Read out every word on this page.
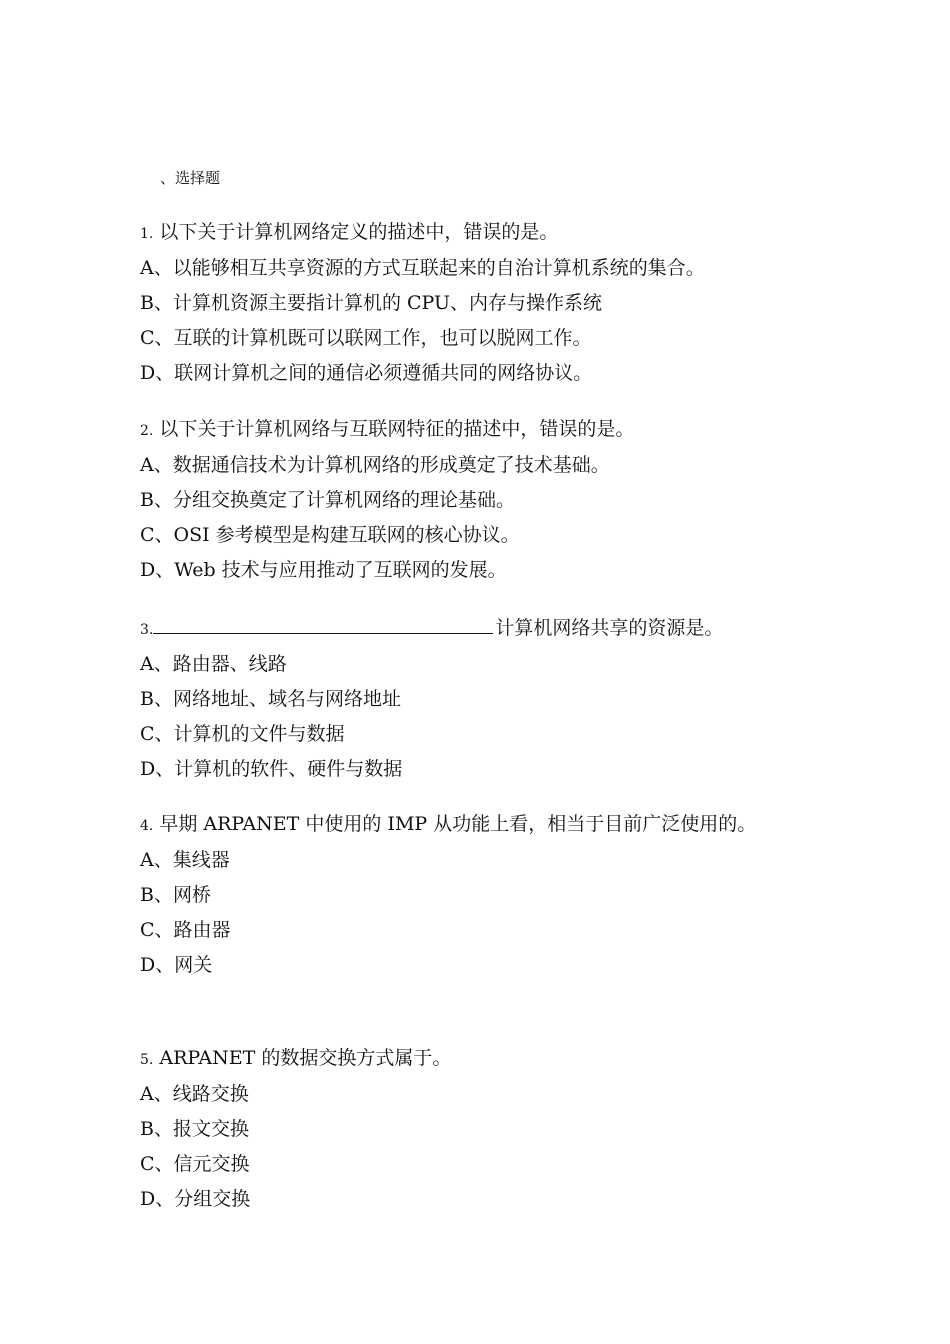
、选择题
1. 以下关于计算机网络定义的描述中，错误的是。
A、以能够相互共享资源的方式互联起来的自治计算机系统的集合。
B、计算机资源主要指计算机的 CPU、内存与操作系统
C、互联的计算机既可以联网工作，也可以脱网工作。
D、联网计算机之间的通信必须遵循共同的网络协议。
2. 以下关于计算机网络与互联网特征的描述中，错误的是。
A、数据通信技术为计算机网络的形成奠定了技术基础。
B、分组交换奠定了计算机网络的理论基础。
C、OSI 参考模型是构建互联网的核心协议。
D、Web 技术与应用推动了互联网的发展。
3.	计算机网络共享的资源是。
A、路由器、线路
B、网络地址、域名与网络地址
C、计算机的文件与数据
D、计算机的软件、硬件与数据
4. 早期 ARPANET 中使用的 IMP 从功能上看，相当于目前广泛使用的。
A、集线器
B、网桥
C、路由器
D、网关
5. ARPANET 的数据交换方式属于。
A、线路交换
B、报文交换
C、信元交换
D、分组交换
